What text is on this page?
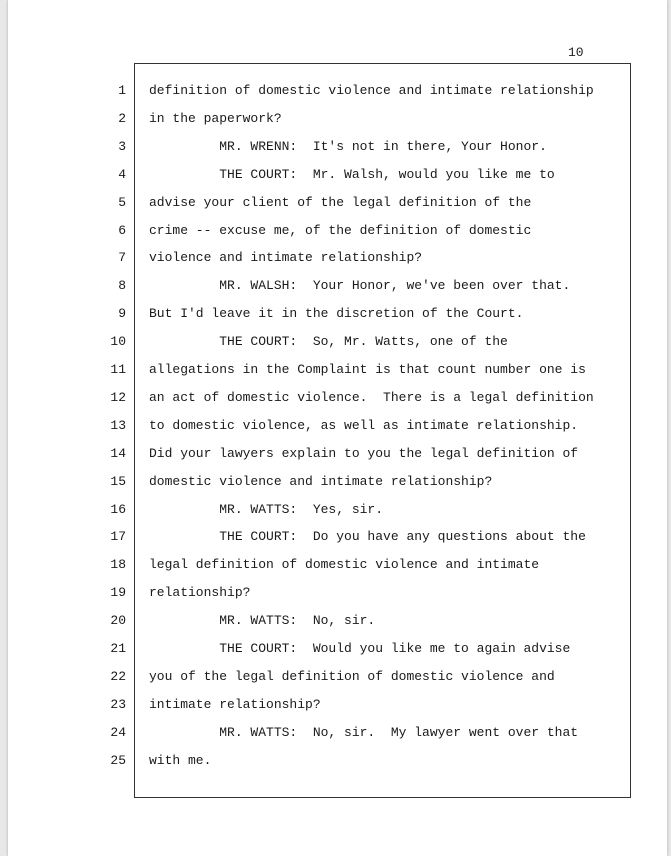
10
1 definition of domestic violence and intimate relationship
2 in the paperwork?
3 MR. WRENN:  It's not in there, Your Honor.
4 THE COURT:  Mr. Walsh, would you like me to
5 advise your client of the legal definition of the
6 crime -- excuse me, of the definition of domestic
7 violence and intimate relationship?
8 MR. WALSH:  Your Honor, we've been over that.
9 But I'd leave it in the discretion of the Court.
10 THE COURT:  So, Mr. Watts, one of the
11 allegations in the Complaint is that count number one is
12 an act of domestic violence.  There is a legal definition
13 to domestic violence, as well as intimate relationship.
14 Did your lawyers explain to you the legal definition of
15 domestic violence and intimate relationship?
16 MR. WATTS:  Yes, sir.
17 THE COURT:  Do you have any questions about the
18 legal definition of domestic violence and intimate
19 relationship?
20 MR. WATTS:  No, sir.
21 THE COURT:  Would you like me to again advise
22 you of the legal definition of domestic violence and
23 intimate relationship?
24 MR. WATTS:  No, sir.  My lawyer went over that
25 with me.
